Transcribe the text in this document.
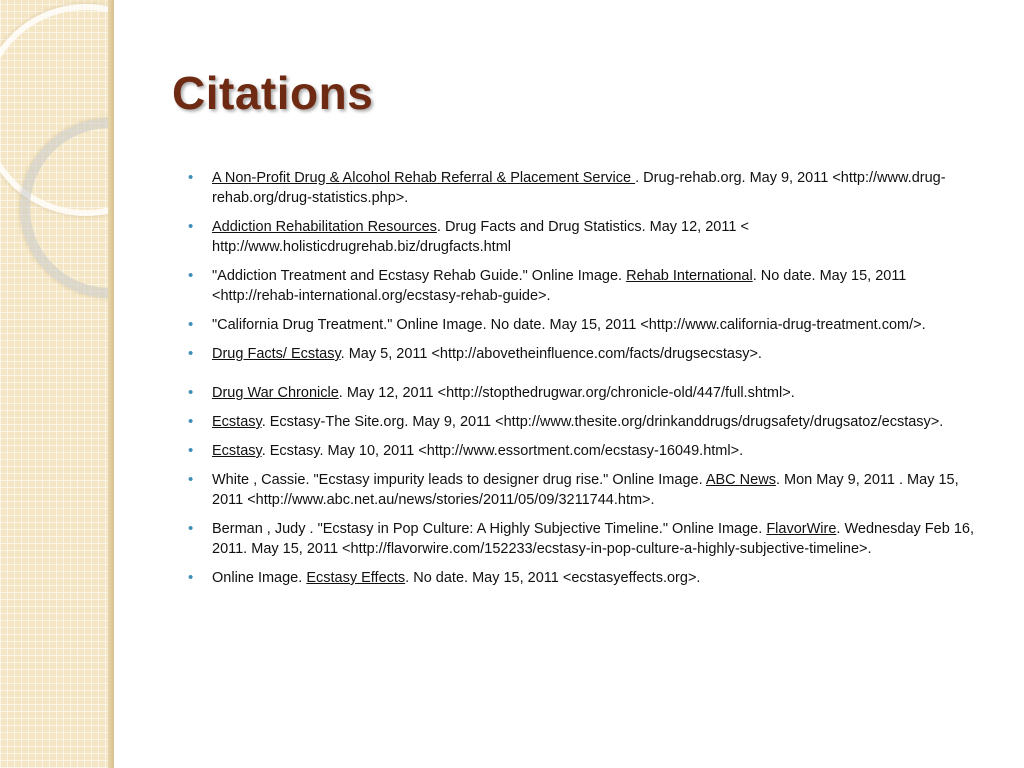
Citations
• A Non-Profit Drug & Alcohol Rehab Referral & Placement Service . Drug-rehab.org. May 9, 2011 <http://www.drug-rehab.org/drug-statistics.php>.
• Addiction Rehabilitation Resources. Drug Facts and Drug Statistics. May 12, 2011 < http://www.holisticdrugrehab.biz/drugfacts.html
• "Addiction Treatment and Ecstasy Rehab Guide." Online Image. Rehab International. No date. May 15, 2011 <http://rehab-international.org/ecstasy-rehab-guide>.
• "California Drug Treatment." Online Image. No date. May 15, 2011 <http://www.california-drug-treatment.com/>.
• Drug Facts/ Ecstasy. May 5, 2011 <http://abovetheinfluence.com/facts/drugsecstasy>.
• Drug War Chronicle. May 12, 2011 <http://stopthedrugwar.org/chronicle-old/447/full.shtml>.
• Ecstasy. Ecstasy-The Site.org. May 9, 2011 <http://www.thesite.org/drinkanddrugs/drugsafety/drugsatoz/ecstasy>.
• Ecstasy. Ecstasy. May 10, 2011 <http://www.essortment.com/ecstasy-16049.html>.
• White , Cassie. "Ecstasy impurity leads to designer drug rise." Online Image. ABC News. Mon May 9, 2011 . May 15, 2011 <http://www.abc.net.au/news/stories/2011/05/09/3211744.htm>.
• Berman , Judy . "Ecstasy in Pop Culture: A Highly Subjective Timeline." Online Image. FlavorWire. Wednesday Feb 16, 2011. May 15, 2011 <http://flavorwire.com/152233/ecstasy-in-pop-culture-a-highly-subjective-timeline>.
• Online Image. Ecstasy Effects. No date. May 15, 2011 <ecstasyeffects.org>.
